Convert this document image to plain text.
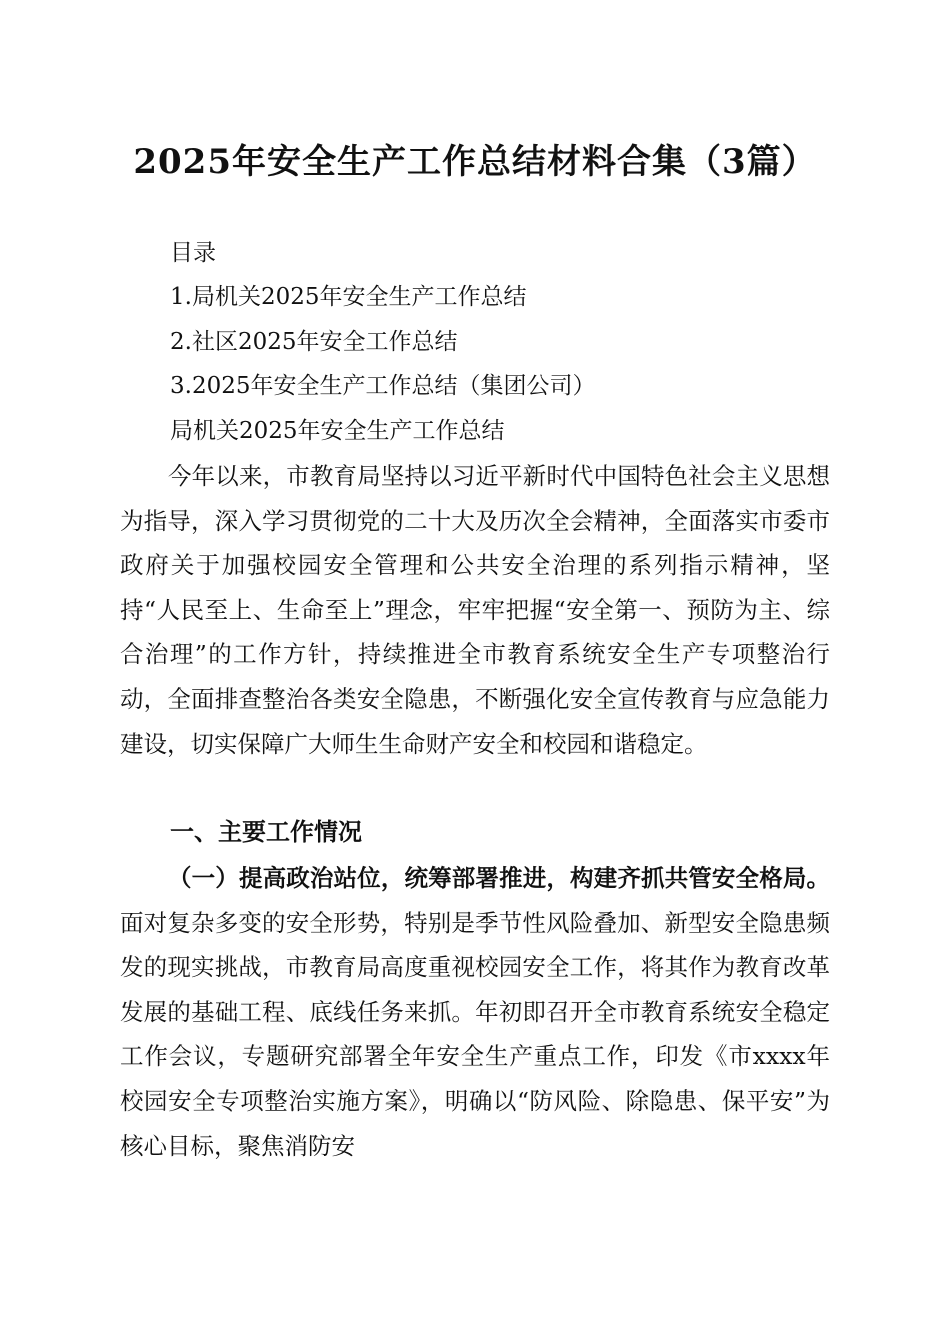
2025年安全生产工作总结材料合集（3篇）

目录

1.局机关2025年安全生产工作总结

2.社区2025年安全工作总结

3.2025年安全生产工作总结（集团公司）

局机关2025年安全生产工作总结

今年以来，市教育局坚持以习近平新时代中国特色社会主义思想为指导，深入学习贯彻党的二十大及历次全会精神，全面落实市委市政府关于加强校园安全管理和公共安全治理的系列指示精神，坚持“人民至上、生命至上”理念，牢牢把握“安全第一、预防为主、综合治理”的工作方针，持续推进全市教育系统安全生产专项整治行动，全面排查整治各类安全隐患，不断强化安全宣传教育与应急能力建设，切实保障广大师生生命财产安全和校园和谐稳定。

一、主要工作情况

（一）提高政治站位，统筹部署推进，构建齐抓共管安全格局。面对复杂多变的安全形势，特别是季节性风险叠加、新型安全隐患频发的现实挑战，市教育局高度重视校园安全工作，将其作为教育改革发展的基础工程、底线任务来抓。年初即召开全市教育系统安全稳定工作会议，专题研究部署全年安全生产重点工作，印发《市xxxx年校园安全专项整治实施方案》，明确以“防风险、除隐患、保平安”为核心目标，聚焦消防安
